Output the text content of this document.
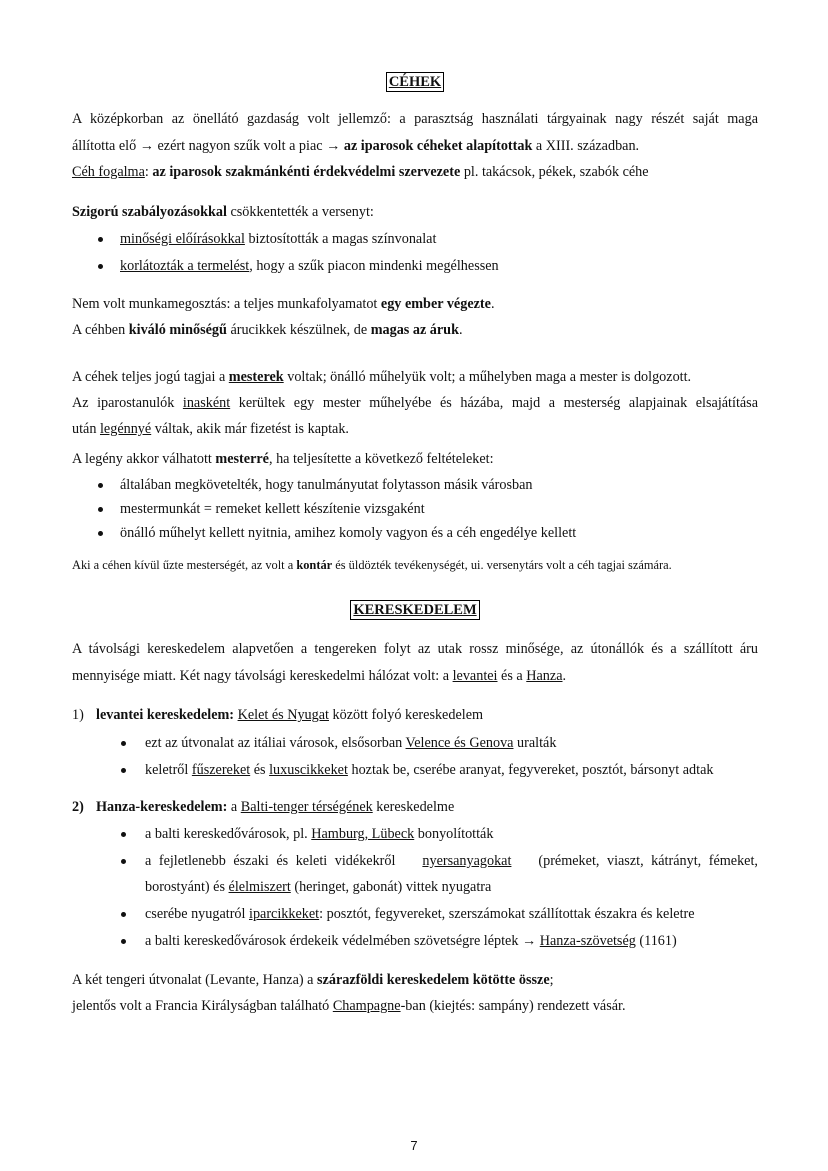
CÉHEK
A középkorban az önellátó gazdaság volt jellemző: a parasztság használati tárgyainak nagy részét saját maga
állította elő → ezért nagyon szűk volt a piac → az iparosok céheket alapítottak a XIII. században.
Céh fogalma: az iparosok szakmánkénti érdekvédelmi szervezete pl. takácsok, pékek, szabók céhe
Szigorú szabályozásokkal csökkentették a versenyt:
minőségi előírásokkal biztosították a magas színvonalat
korlátozták a termelést, hogy a szűk piacon mindenki megélhessen
Nem volt munkamegosztás: a teljes munkafolyamatot egy ember végezte.
A céhben kiváló minőségű árucikkek készülnek, de magas az áruk.
A céhek teljes jogú tagjai a mesterek voltak; önálló műhelyük volt; a műhelyben maga a mester is dolgozott.
Az iparostanulók inasként kerültek egy mester műhelyébe és házába, majd a mesterség alapjainak elsajátítása
után legénnyé váltak, akik már fizetést is kaptak.
A legény akkor válhatott mesterré, ha teljesítette a következő feltételeket:
általában megkövetelték, hogy tanulmányutat folytasson másik városban
mestermunkát = remeket kellett készítenie vizsgaként
önálló műhelyt kellett nyitnia, amihez komoly vagyon és a céh engedélye kellett
Aki a céhen kívül űzte mesterségét, az volt a kontár és üldözték tevékenységét, ui. versenytárs volt a céh tagjai számára.
KERESKEDELEM
A távolsági kereskedelem alapvetően a tengereken folyt az utak rossz minősége, az útonállók és a szállított áru
mennyisége miatt. Két nagy távolsági kereskedelmi hálózat volt: a levantei és a Hanza.
1) levantei kereskedelem: Kelet és Nyugat között folyó kereskedelem
ezt az útvonalat az itáliai városok, elsősorban Velence és Genova uralták
keletről fűszereket és luxuscikkeket hoztak be, cserébe aranyat, fegyvereket, posztót, bársonyt adtak
2) Hanza-kereskedelem: a Balti-tenger térségének kereskedelme
a balti kereskedővárosok, pl. Hamburg, Lübeck bonyolították
a fejletlenebb északi és keleti vidékekről nyersanyagokat (prémeket, viaszt, kátrányt, fémeket,
borostyánt) és élelmiszert (heringet, gabonát) vittek nyugatra
cserébe nyugatról iparcikkeket: posztót, fegyvereket, szerszámokat szállítottak északra és keletre
a balti kereskedővárosok érdekeik védelmében szövetségre léptek → Hanza-szövetség (1161)
A két tengeri útvonalat (Levante, Hanza) a szárazföldi kereskedelem kötötte össze;
jelentős volt a Francia Királyságban található Champagne-ban (kiejtés: sampány) rendezett vásár.
7
